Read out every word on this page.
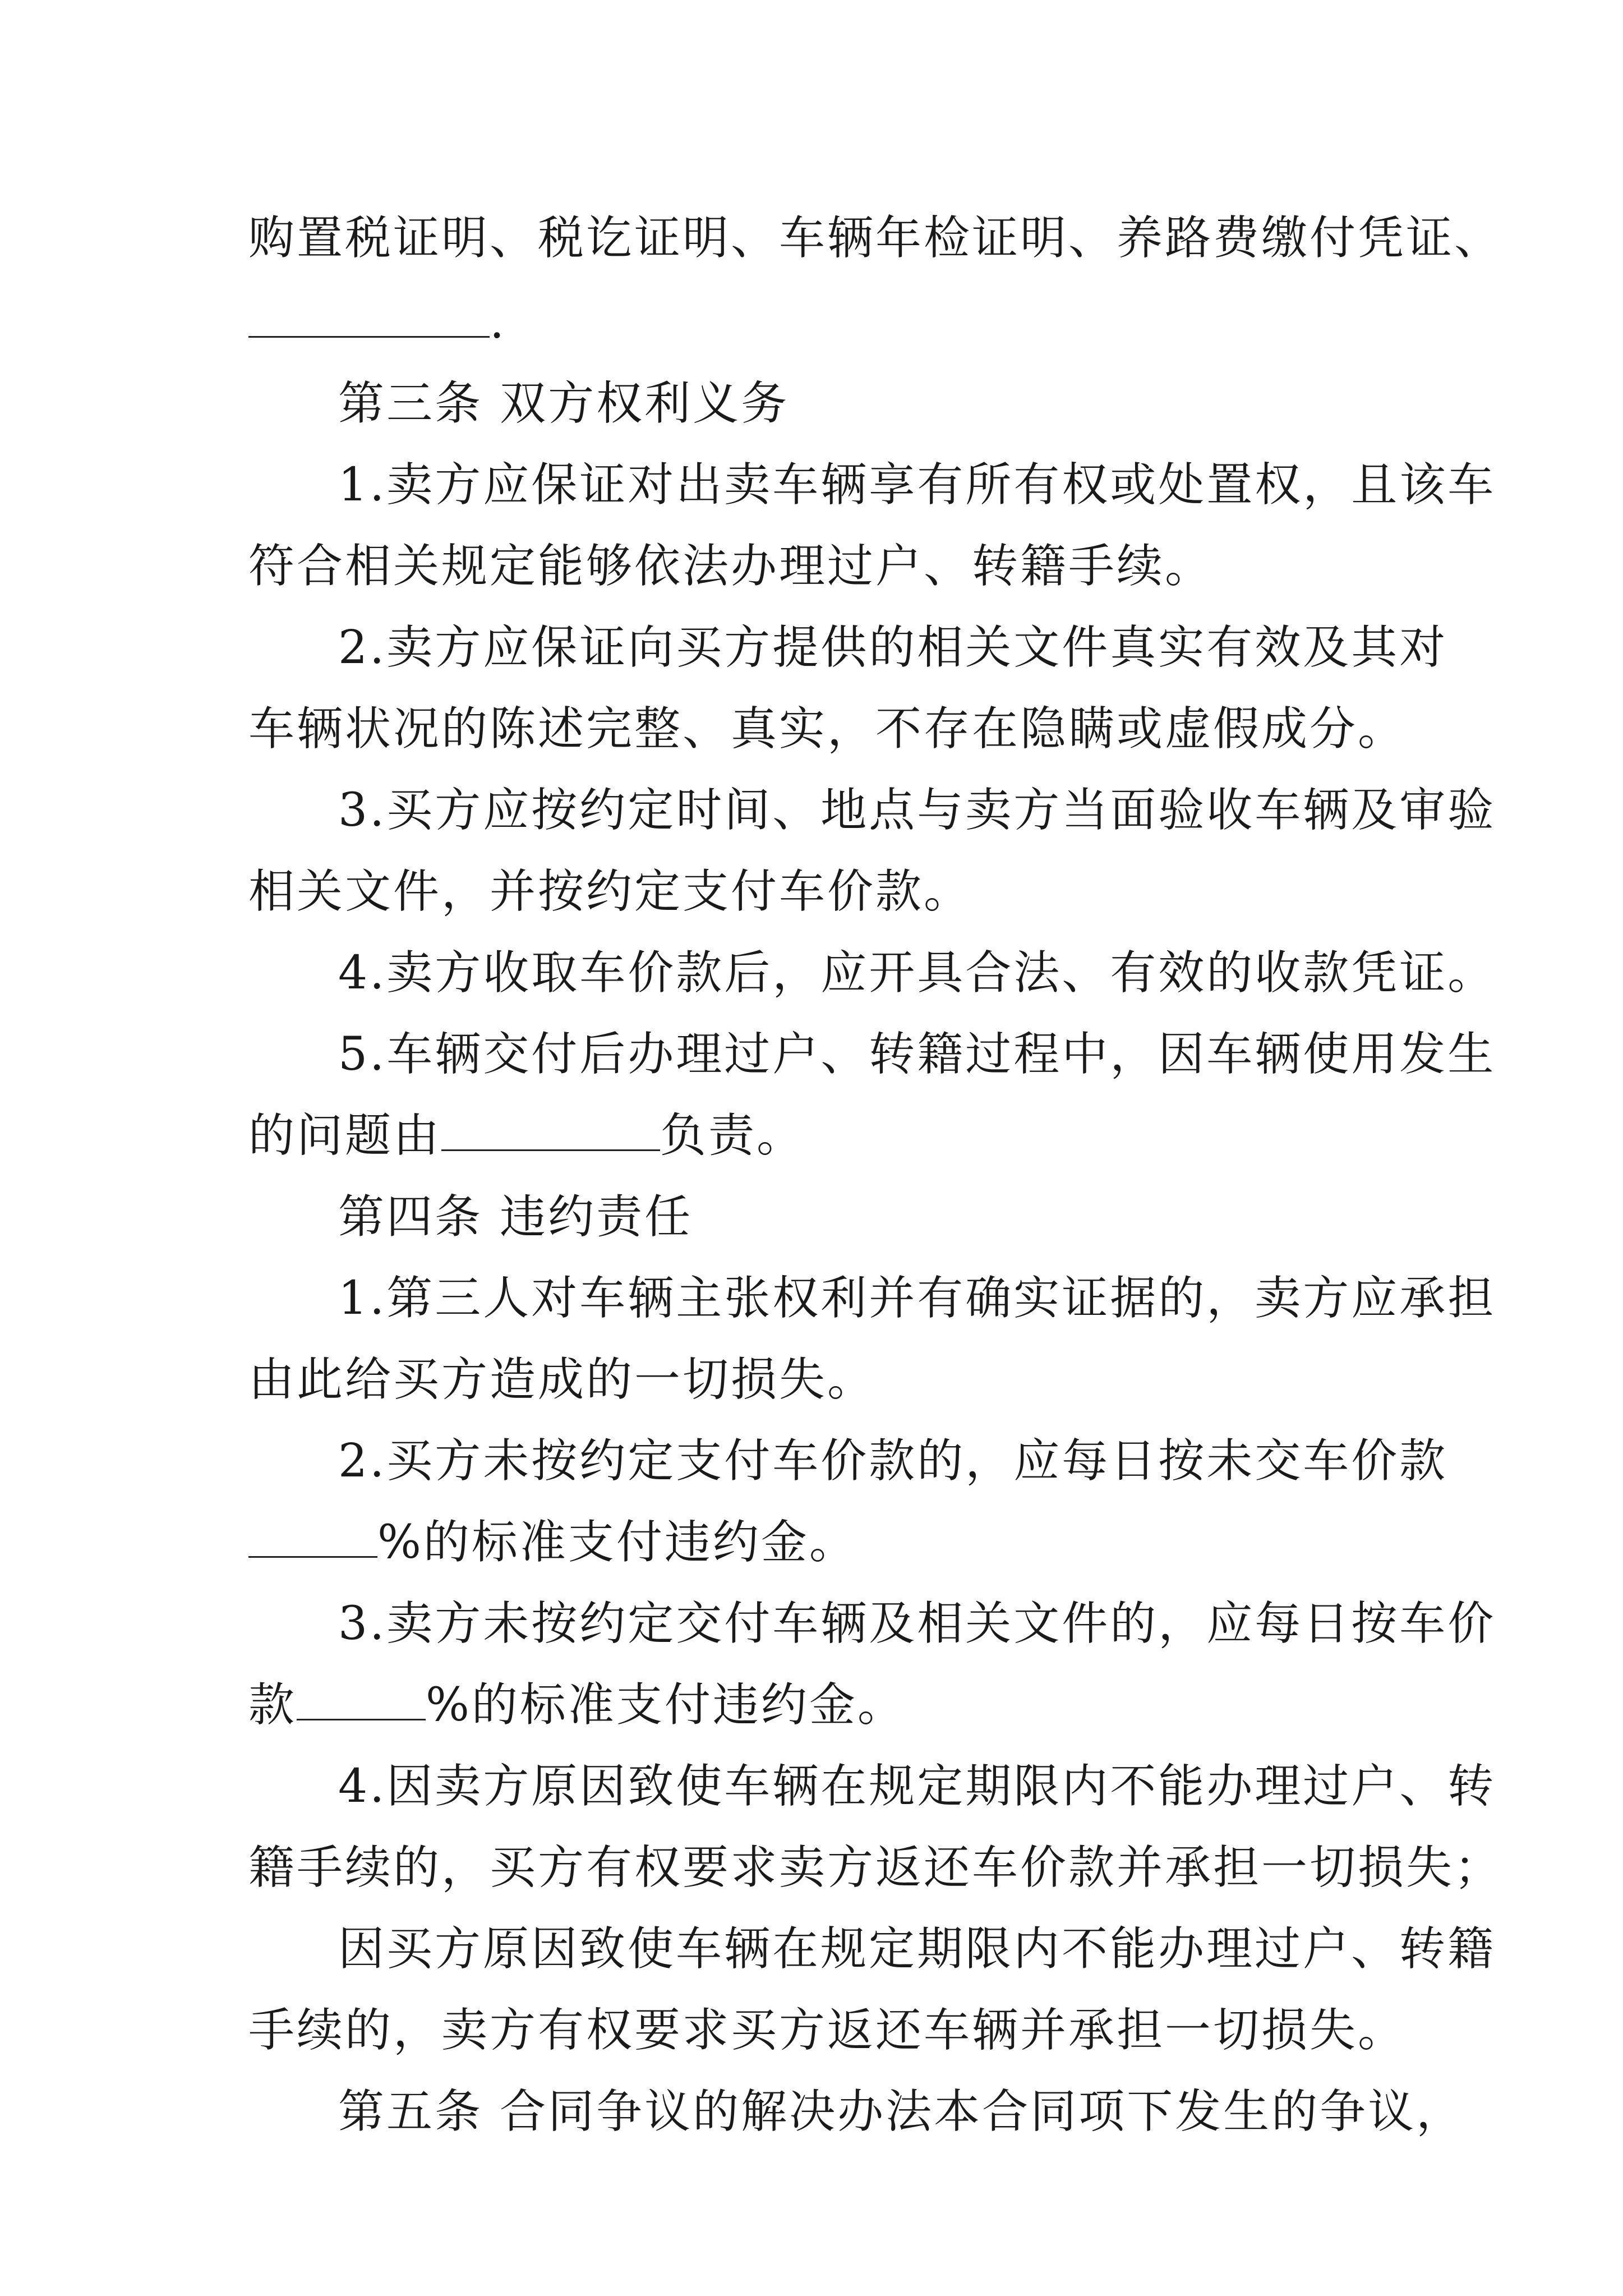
购置税证明、税讫证明、车辆年检证明、养路费缴付凭证、
.
第三条 双方权利义务
1.卖方应保证对出卖车辆享有所有权或处置权，且该车
符合相关规定能够依法办理过户、转籍手续。
2.卖方应保证向买方提供的相关文件真实有效及其对
车辆状况的陈述完整、真实，不存在隐瞒或虚假成分。
3.买方应按约定时间、地点与卖方当面验收车辆及审验
相关文件，并按约定支付车价款。
4.卖方收取车价款后，应开具合法、有效的收款凭证。
5.车辆交付后办理过户、转籍过程中，因车辆使用发生
的问题由	负责。
第四条 违约责任
1.第三人对车辆主张权利并有确实证据的，卖方应承担
由此给买方造成的一切损失。
2.买方未按约定支付车价款的，应每日按未交车价款
%的标准支付违约金。
3.卖方未按约定交付车辆及相关文件的，应每日按车价
款	%的标准支付违约金。
4.因卖方原因致使车辆在规定期限内不能办理过户、转
籍手续的，买方有权要求卖方返还车价款并承担一切损失；
因买方原因致使车辆在规定期限内不能办理过户、转籍
手续的，卖方有权要求买方返还车辆并承担一切损失。
第五条 合同争议的解决办法本合同项下发生的争议，
